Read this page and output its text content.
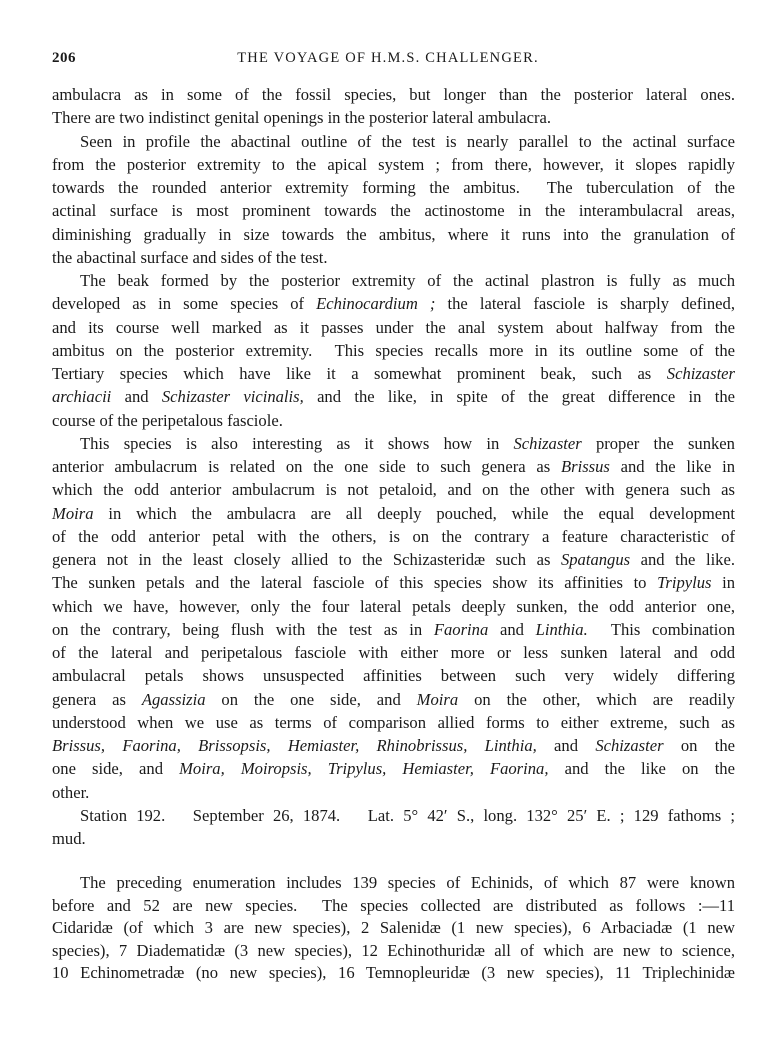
206	THE VOYAGE OF H.M.S. CHALLENGER.
ambulacra as in some of the fossil species, but longer than the posterior lateral ones.
There are two indistinct genital openings in the posterior lateral ambulacra.
Seen in profile the abactinal outline of the test is nearly parallel to the actinal surface
from the posterior extremity to the apical system ; from there, however, it slopes rapidly
towards the rounded anterior extremity forming the ambitus.  The tuberculation of the
actinal surface is most prominent towards the actinostome in the interambulacral areas,
diminishing gradually in size towards the ambitus, where it runs into the granulation of
the abactinal surface and sides of the test.
The beak formed by the posterior extremity of the actinal plastron is fully as much
developed as in some species of Echinocardium ; the lateral fasciole is sharply defined,
and its course well marked as it passes under the anal system about halfway from the
ambitus on the posterior extremity.  This species recalls more in its outline some of the
Tertiary species which have like it a somewhat prominent beak, such as Schizaster
archiacii and Schizaster vicinalis, and the like, in spite of the great difference in the
course of the peripetalous fasciole.
This species is also interesting as it shows how in Schizaster proper the sunken
anterior ambulacrum is related on the one side to such genera as Brissus and the like in
which the odd anterior ambulacrum is not petaloid, and on the other with genera such as
Moira in which the ambulacra are all deeply pouched, while the equal development
of the odd anterior petal with the others, is on the contrary a feature characteristic of
genera not in the least closely allied to the Schizasteridæ such as Spatangus and the like.
The sunken petals and the lateral fasciole of this species show its affinities to Tripylus in
which we have, however, only the four lateral petals deeply sunken, the odd anterior one,
on the contrary, being flush with the test as in Faorina and Linthia.  This combination
of the lateral and peripetalous fasciole with either more or less sunken lateral and odd
ambulacral petals shows unsuspected affinities between such very widely differing
genera as Agassizia on the one side, and Moira on the other, which are readily
understood when we use as terms of comparison allied forms to either extreme, such as
Brissus, Faorina, Brissopsis, Hemiaster, Rhinobrissus, Linthia, and Schizaster on the
one side, and Moira, Moiropsis, Tripylus, Hemiaster, Faorina, and the like on the
other.
Station 192.   September 26, 1874.   Lat. 5° 42′ S., long. 132° 25′ E. ; 129 fathoms ;
mud.
The preceding enumeration includes 139 species of Echinids, of which 87 were known
before and 52 are new species.  The species collected are distributed as follows :—11
Cidaridæ (of which 3 are new species), 2 Salenidæ (1 new species), 6 Arbaciadæ (1 new
species), 7 Diadematidæ (3 new species), 12 Echinothuridæ all of which are new to science,
10 Echinometradæ (no new species), 16 Temnopleuridæ (3 new species), 11 Triplechinidæ
